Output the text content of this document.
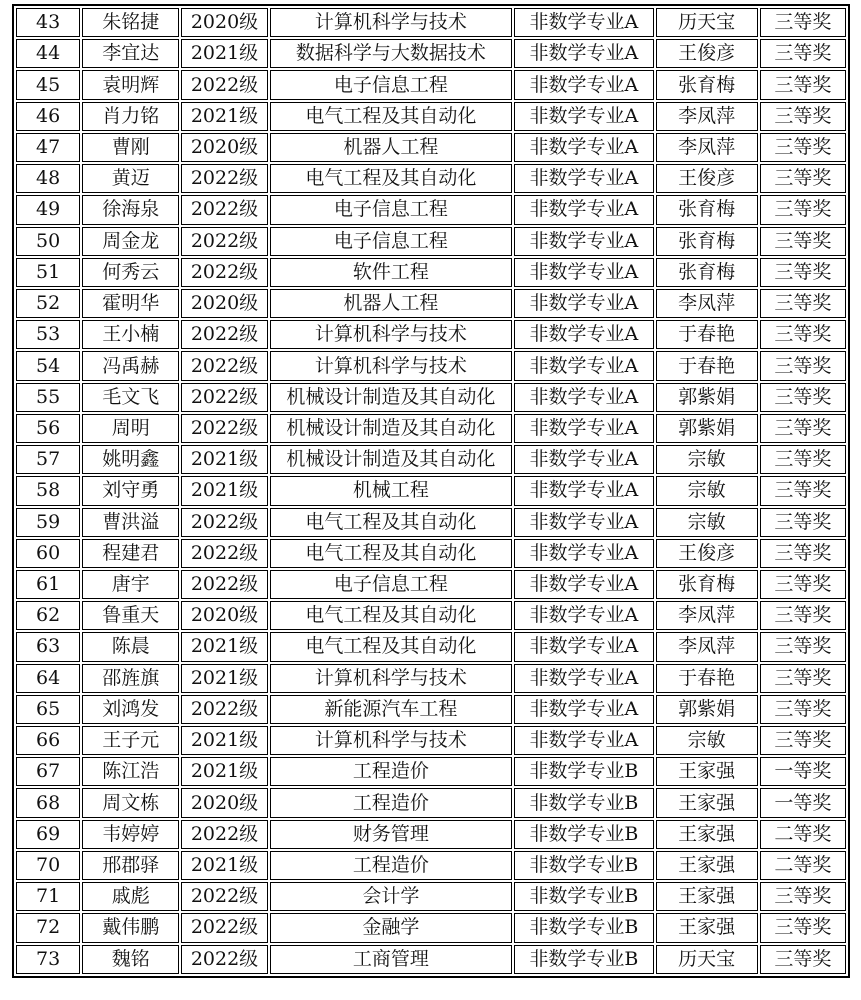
43	朱铭捷	2020级	计算机科学与技术	非数学专业A	历天宝	三等奖
44	李宜达	2021级	数据科学与大数据技术	非数学专业A	王俊彦	三等奖
45	袁明辉	2022级	电子信息工程	非数学专业A	张育梅	三等奖
46	肖力铭	2021级	电气工程及其自动化	非数学专业A	李凤萍	三等奖
47	曹刚	2020级	机器人工程	非数学专业A	李凤萍	三等奖
48	黄迈	2022级	电气工程及其自动化	非数学专业A	王俊彦	三等奖
49	徐海泉	2022级	电子信息工程	非数学专业A	张育梅	三等奖
50	周金龙	2022级	电子信息工程	非数学专业A	张育梅	三等奖
51	何秀云	2022级	软件工程	非数学专业A	张育梅	三等奖
52	霍明华	2020级	机器人工程	非数学专业A	李凤萍	三等奖
53	王小楠	2022级	计算机科学与技术	非数学专业A	于春艳	三等奖
54	冯禹赫	2022级	计算机科学与技术	非数学专业A	于春艳	三等奖
55	毛文飞	2022级	机械设计制造及其自动化	非数学专业A	郭紫娟	三等奖
56	周明	2022级	机械设计制造及其自动化	非数学专业A	郭紫娟	三等奖
57	姚明鑫	2021级	机械设计制造及其自动化	非数学专业A	宗敏	三等奖
58	刘守勇	2021级	机械工程	非数学专业A	宗敏	三等奖
59	曹洪溢	2022级	电气工程及其自动化	非数学专业A	宗敏	三等奖
60	程建君	2022级	电气工程及其自动化	非数学专业A	王俊彦	三等奖
61	唐宇	2022级	电子信息工程	非数学专业A	张育梅	三等奖
62	鲁重天	2020级	电气工程及其自动化	非数学专业A	李凤萍	三等奖
63	陈晨	2021级	电气工程及其自动化	非数学专业A	李凤萍	三等奖
64	邵旌旗	2021级	计算机科学与技术	非数学专业A	于春艳	三等奖
65	刘鸿发	2022级	新能源汽车工程	非数学专业A	郭紫娟	三等奖
66	王子元	2021级	计算机科学与技术	非数学专业A	宗敏	三等奖
67	陈江浩	2021级	工程造价	非数学专业B	王家强	一等奖
68	周文栋	2020级	工程造价	非数学专业B	王家强	一等奖
69	韦婷婷	2022级	财务管理	非数学专业B	王家强	二等奖
70	邢郡驿	2021级	工程造价	非数学专业B	王家强	二等奖
71	戚彪	2022级	会计学	非数学专业B	王家强	三等奖
72	戴伟鹏	2022级	金融学	非数学专业B	王家强	三等奖
73	魏铭	2022级	工商管理	非数学专业B	历天宝	三等奖
